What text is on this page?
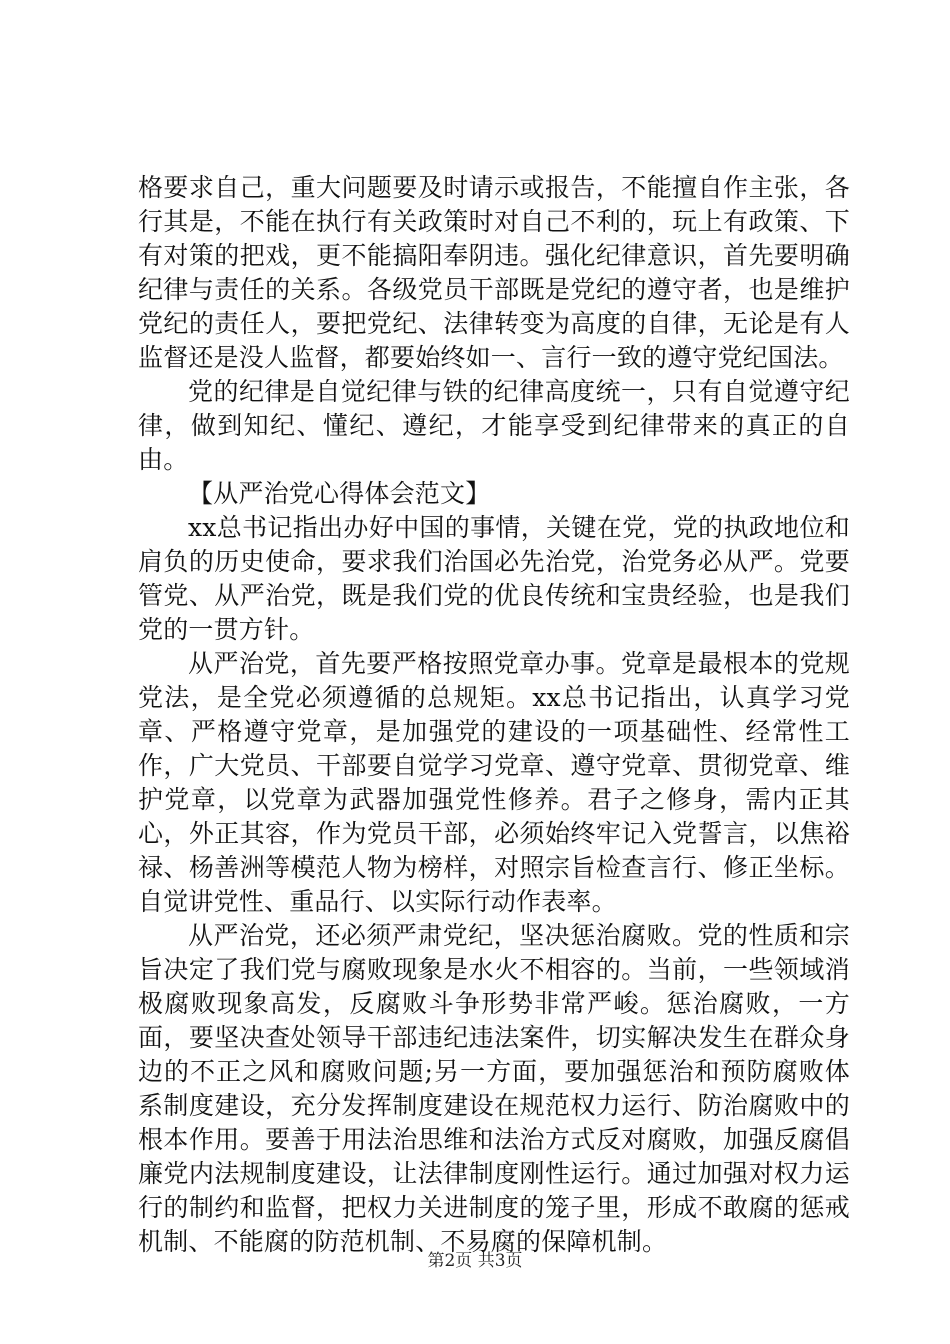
格要求自己，重大问题要及时请示或报告，不能擅自作主张，各行其是，不能在执行有关政策时对自己不利的，玩上有政策、下有对策的把戏，更不能搞阳奉阴违。强化纪律意识，首先要明确纪律与责任的关系。各级党员干部既是党纪的遵守者，也是维护党纪的责任人，要把党纪、法律转变为高度的自律，无论是有人监督还是没人监督，都要始终如一、言行一致的遵守党纪国法。

党的纪律是自觉纪律与铁的纪律高度统一，只有自觉遵守纪律，做到知纪、懂纪、遵纪，才能享受到纪律带来的真正的自由。

【从严治党心得体会范文】

xx总书记指出办好中国的事情，关键在党，党的执政地位和肩负的历史使命，要求我们治国必先治党，治党务必从严。党要管党、从严治党，既是我们党的优良传统和宝贵经验，也是我们党的一贯方针。

从严治党，首先要严格按照党章办事。党章是最根本的党规党法，是全党必须遵循的总规矩。xx总书记指出，认真学习党章、严格遵守党章，是加强党的建设的一项基础性、经常性工作，广大党员、干部要自觉学习党章、遵守党章、贯彻党章、维护党章，以党章为武器加强党性修养。君子之修身，需内正其心，外正其容，作为党员干部，必须始终牢记入党誓言，以焦裕禄、杨善洲等模范人物为榜样，对照宗旨检查言行、修正坐标。自觉讲党性、重品行、以实际行动作表率。

从严治党，还必须严肃党纪，坚决惩治腐败。党的性质和宗旨决定了我们党与腐败现象是水火不相容的。当前，一些领域消极腐败现象高发，反腐败斗争形势非常严峻。惩治腐败，一方面，要坚决查处领导干部违纪违法案件，切实解决发生在群众身边的不正之风和腐败问题;另一方面，要加强惩治和预防腐败体系制度建设，充分发挥制度建设在规范权力运行、防治腐败中的根本作用。要善于用法治思维和法治方式反对腐败，加强反腐倡廉党内法规制度建设，让法律制度刚性运行。通过加强对权力运行的制约和监督，把权力关进制度的笼子里，形成不敢腐的惩戒机制、不能腐的防范机制、不易腐的保障机制。

第2页 共3页
